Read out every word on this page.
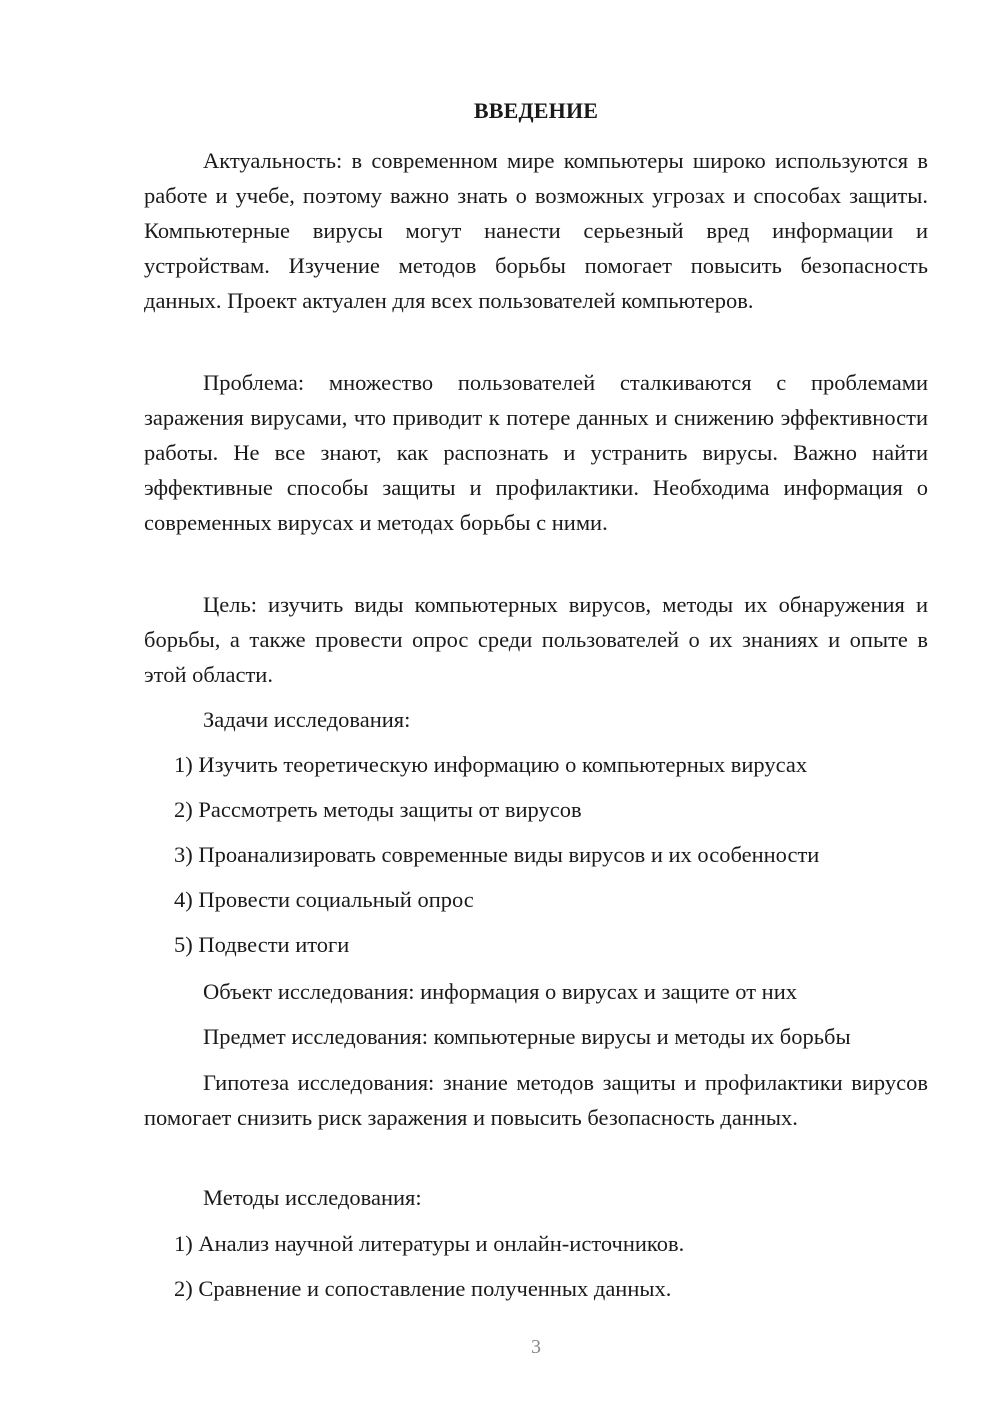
ВВЕДЕНИЕ

Актуальность: в современном мире компьютеры широко используются в работе и учебе, поэтому важно знать о возможных угрозах и способах защиты. Компьютерные вирусы могут нанести серьезный вред информации и устройствам. Изучение методов борьбы помогает повысить безопасность данных. Проект актуален для всех пользователей компьютеров.

Проблема: множество пользователей сталкиваются с проблемами заражения вирусами, что приводит к потере данных и снижению эффективности работы. Не все знают, как распознать и устранить вирусы. Важно найти эффективные способы защиты и профилактики. Необходима информация о современных вирусах и методах борьбы с ними.

Цель: изучить виды компьютерных вирусов, методы их обнаружения и борьбы, а также провести опрос среди пользователей о их знаниях и опыте в этой области.

Задачи исследования:
1) Изучить теоретическую информацию о компьютерных вирусах
2) Рассмотреть методы защиты от вирусов
3) Проанализировать современные виды вирусов и их особенности
4) Провести социальный опрос
5) Подвести итоги
Объект исследования: информация о вирусах и защите от них
Предмет исследования: компьютерные вирусы и методы их борьбы

Гипотеза исследования: знание методов защиты и профилактики вирусов помогает снизить риск заражения и повысить безопасность данных.

Методы исследования:
1) Анализ научной литературы и онлайн-источников.
2) Сравнение и сопоставление полученных данных.
3
